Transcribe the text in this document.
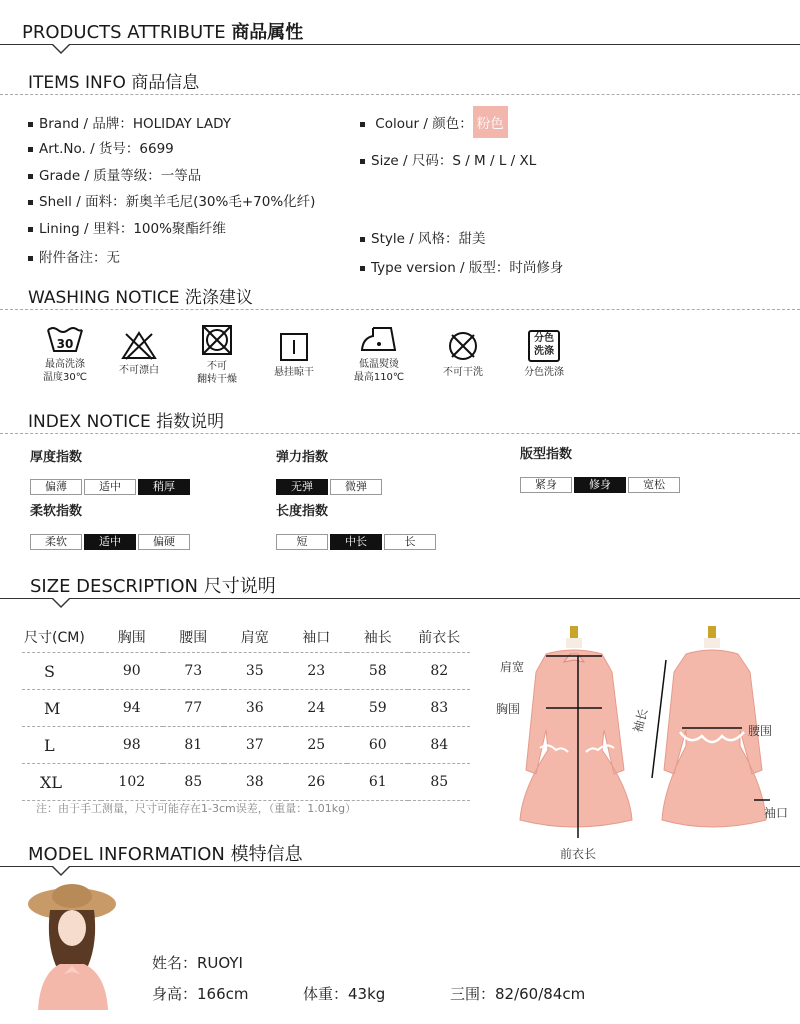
PRODUCTS ATTRIBUTE 商品属性
ITEMS INFO 商品信息
Brand / 品牌：HOLIDAY LADY
Art.No. / 货号：6699
Grade / 质量等级：一等品
Shell / 面料：新奥羊毛尼(30%毛+70%化纤)
Lining / 里料：100%聚酯纤维
附件备注：无
Colour / 颜色： 粉色
Size / 尺码：S / M / L / XL
Style / 风格：甜美
Type version / 版型：时尚修身
WASHING NOTICE 洗涤建议
30
最高洗涤
温度30℃
不可漂白	不可
翻转干燥
悬挂晾干
低温熨烫
最高110℃	不可干洗
分色
洗涤
分色洗涤
INDEX NOTICE 指数说明
厚度指数
偏薄	适中	稍厚
弹力指数
无弹	微弹
版型指数
紧身	修身	宽松
柔软指数
柔软	适中	偏硬
长度指数
短	中长	长
SIZE DESCRIPTION 尺寸说明
尺寸(CM)	胸围	腰围	肩宽	袖口	袖长	前衣长
S	90	73	35	23	58	82
M	94	77	36	24	59	83
L	98	81	37	25	60	84
XL	102	85	38	26	61	85
注：由于手工测量，尺寸可能存在1-3cm误差，（重量：1.01kg）
肩宽
胸围
前衣长
袖长	腰围
袖口
MODEL INFORMATION 模特信息
姓名：RUOYI
身高：166cm	体重：43kg	三围：82/60/84cm
